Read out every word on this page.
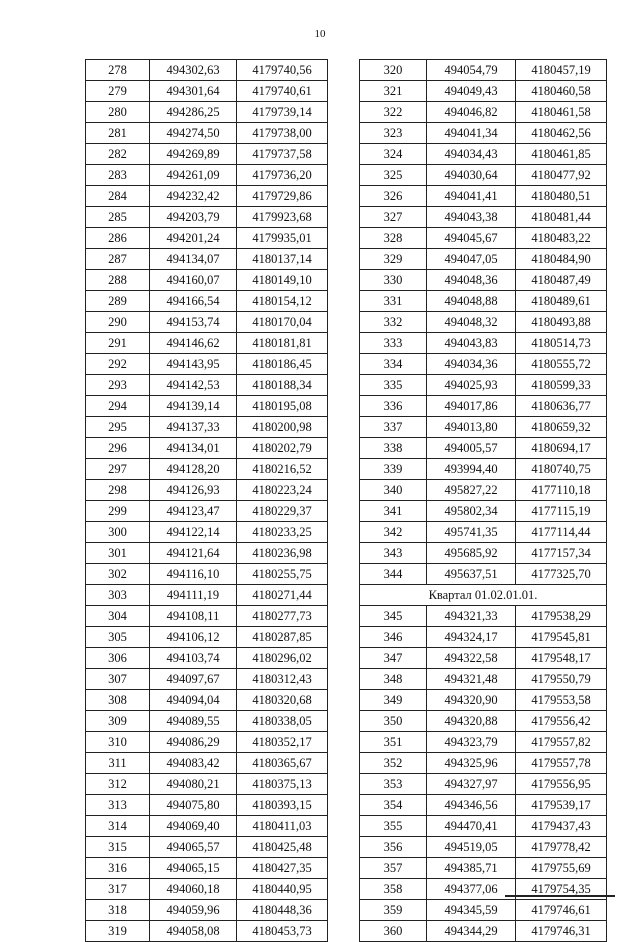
10
278	494302,63	4179740,56
279	494301,64	4179740,61
280	494286,25	4179739,14
281	494274,50	4179738,00
282	494269,89	4179737,58
283	494261,09	4179736,20
284	494232,42	4179729,86
285	494203,79	4179923,68
286	494201,24	4179935,01
287	494134,07	4180137,14
288	494160,07	4180149,10
289	494166,54	4180154,12
290	494153,74	4180170,04
291	494146,62	4180181,81
292	494143,95	4180186,45
293	494142,53	4180188,34
294	494139,14	4180195,08
295	494137,33	4180200,98
296	494134,01	4180202,79
297	494128,20	4180216,52
298	494126,93	4180223,24
299	494123,47	4180229,37
300	494122,14	4180233,25
301	494121,64	4180236,98
302	494116,10	4180255,75
303	494111,19	4180271,44
304	494108,11	4180277,73
305	494106,12	4180287,85
306	494103,74	4180296,02
307	494097,67	4180312,43
308	494094,04	4180320,68
309	494089,55	4180338,05
310	494086,29	4180352,17
311	494083,42	4180365,67
312	494080,21	4180375,13
313	494075,80	4180393,15
314	494069,40	4180411,03
315	494065,57	4180425,48
316	494065,15	4180427,35
317	494060,18	4180440,95
318	494059,96	4180448,36
319	494058,08	4180453,73
320	494054,79	4180457,19
321	494049,43	4180460,58
322	494046,82	4180461,58
323	494041,34	4180462,56
324	494034,43	4180461,85
325	494030,64	4180477,92
326	494041,41	4180480,51
327	494043,38	4180481,44
328	494045,67	4180483,22
329	494047,05	4180484,90
330	494048,36	4180487,49
331	494048,88	4180489,61
332	494048,32	4180493,88
333	494043,83	4180514,73
334	494034,36	4180555,72
335	494025,93	4180599,33
336	494017,86	4180636,77
337	494013,80	4180659,32
338	494005,57	4180694,17
339	493994,40	4180740,75
340	495827,22	4177110,18
341	495802,34	4177115,19
342	495741,35	4177114,44
343	495685,92	4177157,34
344	495637,51	4177325,70
Квартал 01.02.01.01.		
345	494321,33	4179538,29
346	494324,17	4179545,81
347	494322,58	4179548,17
348	494321,48	4179550,79
349	494320,90	4179553,58
350	494320,88	4179556,42
351	494323,79	4179557,82
352	494325,96	4179557,78
353	494327,97	4179556,95
354	494346,56	4179539,17
355	494470,41	4179437,43
356	494519,05	4179778,42
357	494385,71	4179755,69
358	494377,06	4179754,35
359	494345,59	4179746,61
360	494344,29	4179746,31
